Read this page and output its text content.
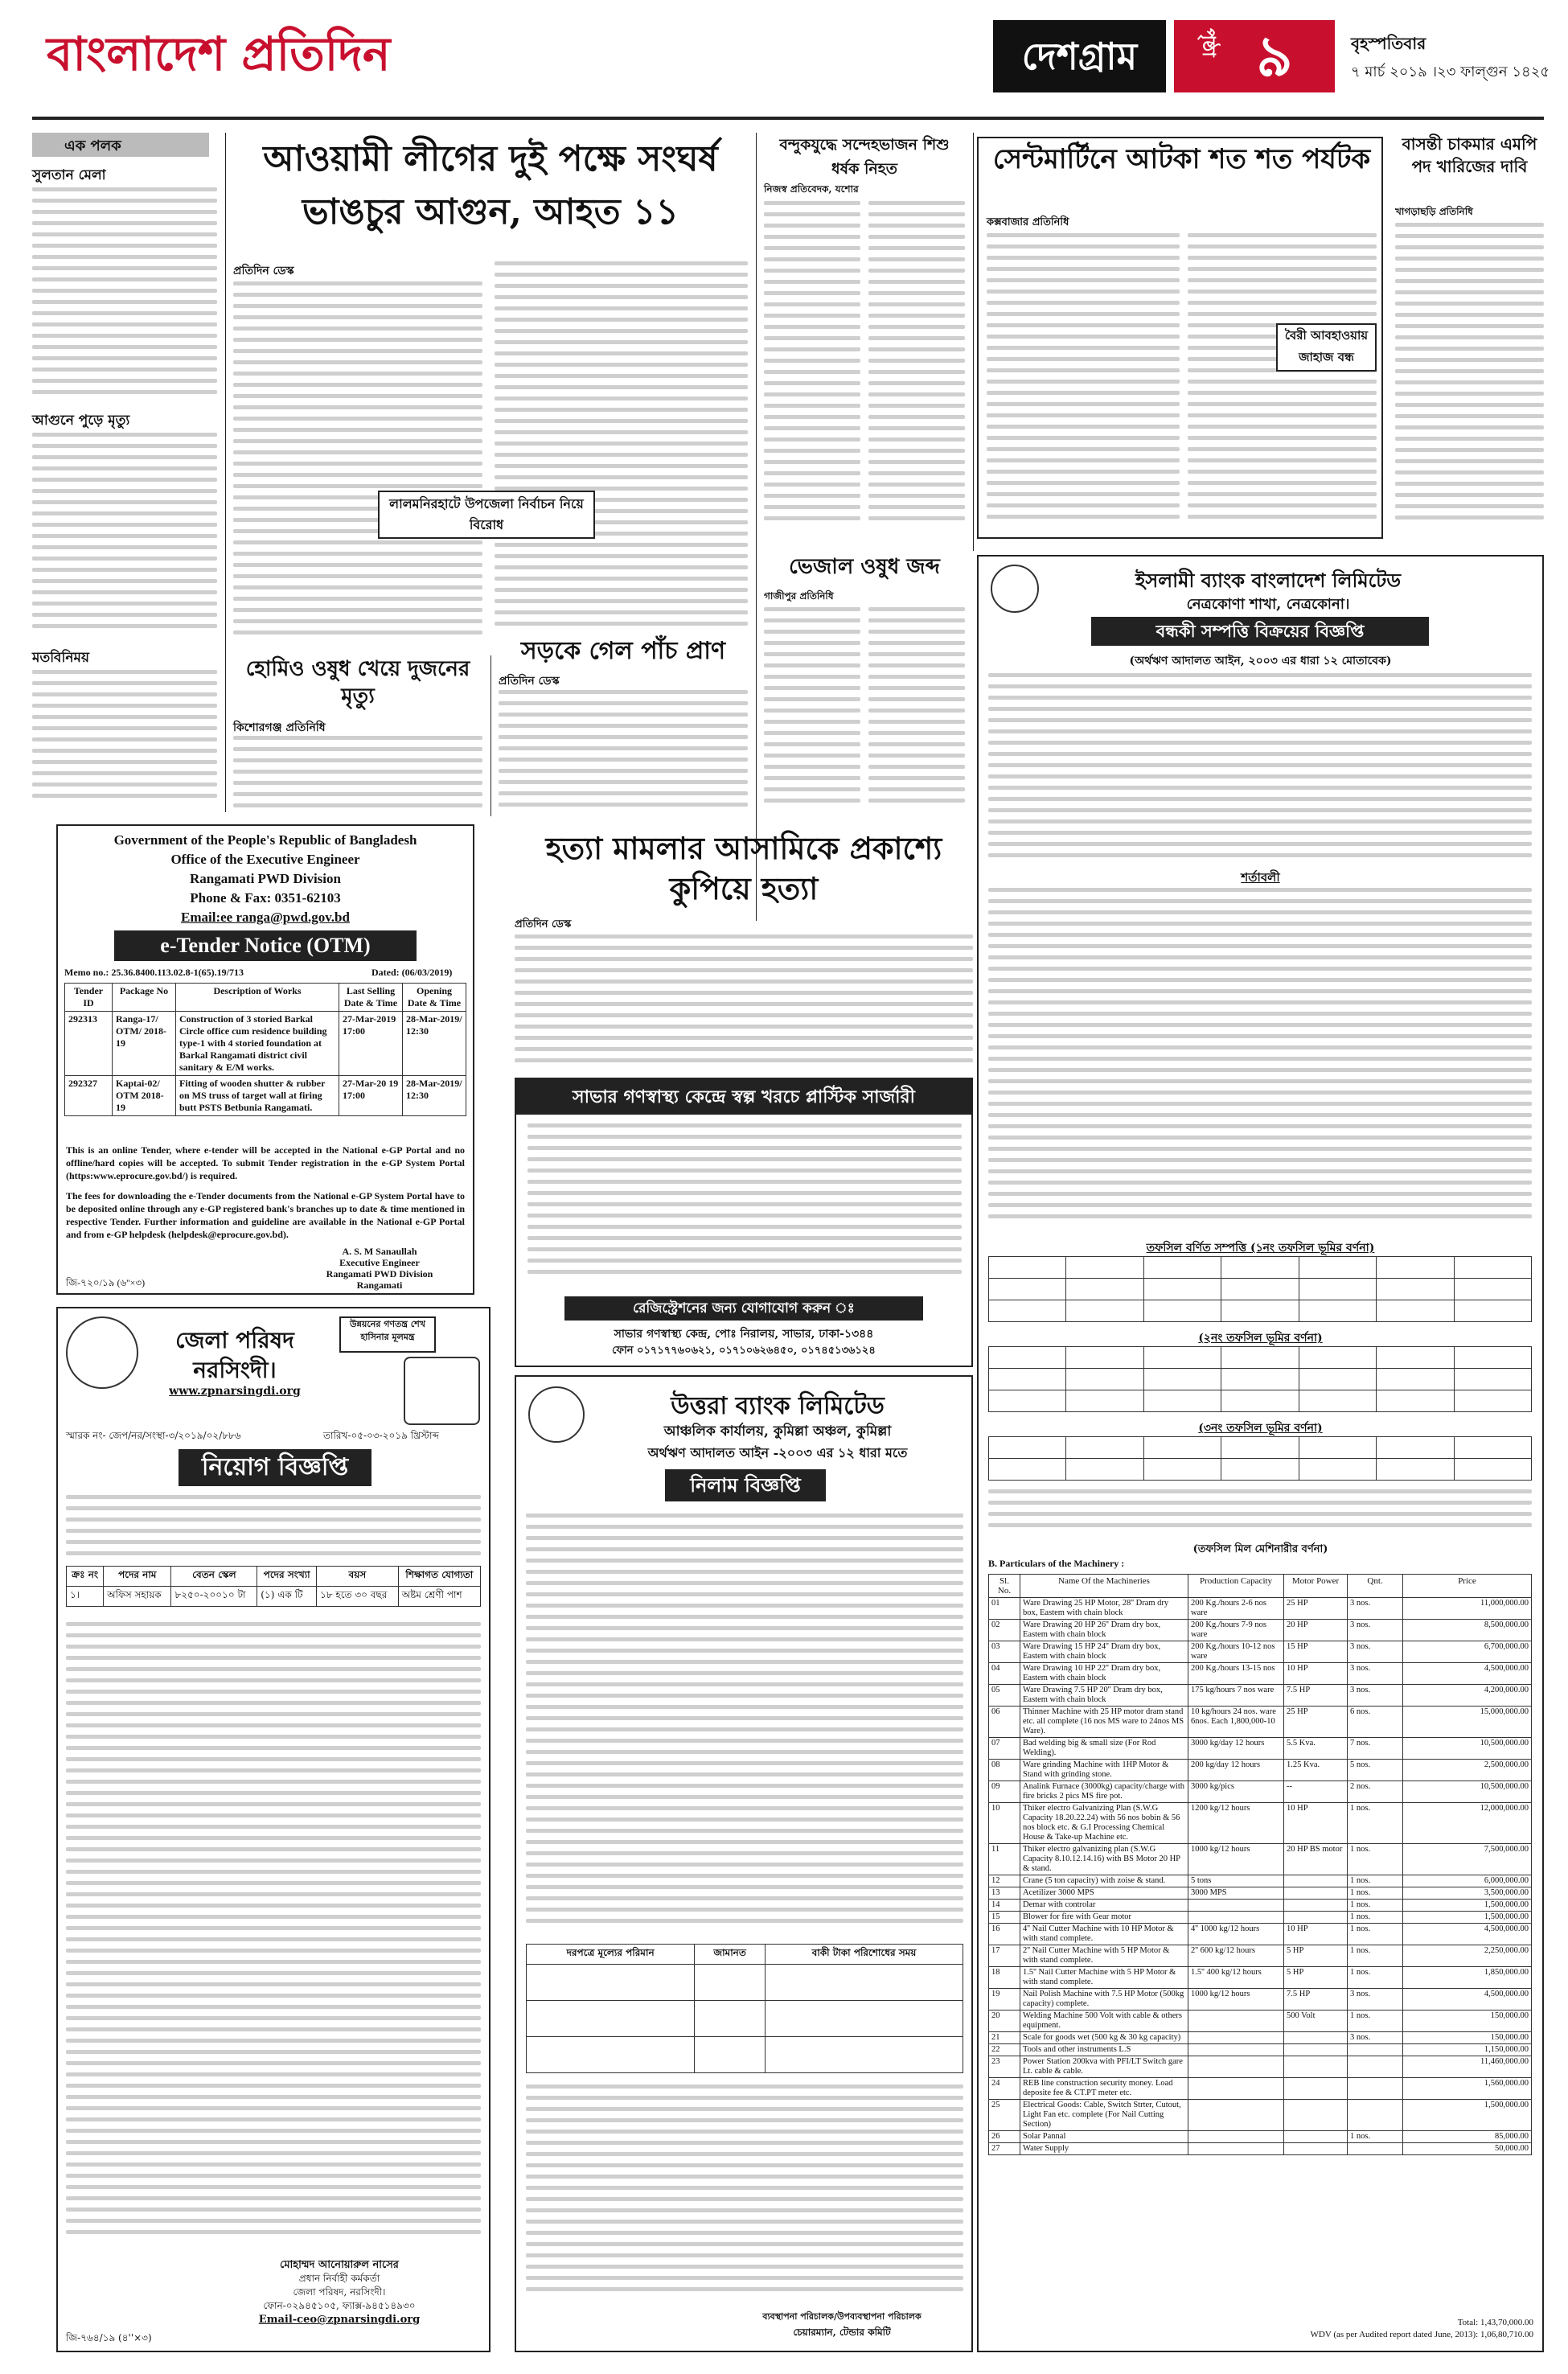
বাংলাদেশ প্রতিদিন	দেশগ্রাম	পৃষ্ঠা ৯	বৃহস্পতিবার
৭ মার্চ ২০১৯ ।২৩ ফাল্গুন ১৪২৫
এক পলক
সুলতান মেলা
আগুনে পুড়ে মৃত্যু
মতবিনিময়
আওয়ামী লীগের দুই পক্ষে সংঘর্ষ ভাঙচুর আগুন, আহত ১১
প্রতিদিন ডেস্ক
লালমনিরহাটে উপজেলা নির্বাচন নিয়ে বিরোধ
হোমিও ওষুধ খেয়ে দুজনের মৃত্যু
কিশোরগঞ্জ প্রতিনিধি
সড়কে গেল পাঁচ প্রাণ
প্রতিদিন ডেস্ক
বন্দুকযুদ্ধে সন্দেহভাজন শিশু ধর্ষক নিহত
নিজস্ব প্রতিবেদক, যশোর
ভেজাল ওষুধ জব্দ
গাজীপুর প্রতিনিধি
সেন্টমার্টিনে আটকা শত শত পর্যটক
কক্সবাজার প্রতিনিধি
বৈরী আবহাওয়ায় জাহাজ বন্ধ
বাসন্তী চাকমার এমপি পদ খারিজের দাবি
খাগড়াছড়ি প্রতিনিধি
Government of the People's Republic of Bangladesh
Office of the Executive Engineer
Rangamati PWD Division
Phone & Fax: 0351-62103
Email:ee ranga@pwd.gov.bd
e-Tender Notice (OTM)
Memo no.: 25.36.8400.113.02.8-1(65).19/713	Dated: (06/03/2019)
Tender ID	Package No	Description of Works	Last Selling Date & Time	Opening Date & Time
292313	Ranga-17/ OTM/ 2018-19	Construction of 3 storied Barkal Circle office cum residence building type-1 with 4 storied foundation at Barkal Rangamati district civil sanitary & E/M works.	27-Mar-2019 17:00	28-Mar-2019/ 12:30
292327	Kaptai-02/ OTM 2018-19	Fitting of wooden shutter & rubber on MS truss of target wall at firing butt PSTS Betbunia Rangamati.	27-Mar-20 19 17:00	28-Mar-2019/ 12:30
This is an online Tender, where e-tender will be accepted in the National e-GP Portal and no offline/hard copies will be accepted. To submit Tender registration in the e-GP System Portal (https:www.eprocure.gov.bd/) is required.
The fees for downloading the e-Tender documents from the National e-GP System Portal have to be deposited online through any e-GP registered bank's branches up to date & time mentioned in respective Tender. Further information and guideline are available in the National e-GP Portal and from e-GP helpdesk (helpdesk@eprocure.gov.bd).
A. S. M Sanaullah
Executive Engineer
Rangamati PWD Division
Rangamati
জি-৭২০/১৯ (৬''×৩)
হত্যা মামলার আসামিকে প্রকাশ্যে কুপিয়ে হত্যা
প্রতিদিন ডেস্ক
সাভার গণস্বাস্থ্য কেন্দ্রে স্বল্প খরচে প্লাস্টিক সার্জারী
রেজিস্ট্রেশনের জন্য যোগাযোগ করুন ঃ
সাভার গণস্বাস্থ্য কেন্দ্র, পোঃ নিরালয়, সাভার, ঢাকা-১৩৪৪
ফোন ০১৭১৭৭৬০৬২১, ০১৭১০৬২৬৪৫০, ০১৭৪৫১৩৬১২৪
জেলা পরিষদ
নরসিংদী।
www.zpnarsingdi.org
উন্নয়নের গণতন্ত্র শেখ হাসিনার মূলমন্ত্র
স্মারক নং- জেপ/নর/সংস্থা-৩/২০১৯/০২/৮৮৬	তারিখ-০৫-০৩-২০১৯ খ্রিস্টাব্দ
নিয়োগ বিজ্ঞপ্তি
ক্রঃ নং	পদের নাম	বেতন স্কেল	পদের সংখ্যা	বয়স	শিক্ষাগত যোগ্যতা
১।	অফিস সহায়ক	৮২৫০-২০০১০ টা	(১) এক টি	১৮ হতে ৩০ বছর	অষ্টম শ্রেণী পাশ
মোহাম্মদ আনোয়ারুল নাসের
প্রধান নির্বাহী কর্মকর্তা
জেলা পরিষদ, নরসিংদী।
ফোন-০২৯৪৫১০৫, ফ্যাক্স-৯৪৫১৪৯৩০
Email-ceo@zpnarsingdi.org
জি-৭৬৪/১৯ (৪''×৩)
উত্তরা ব্যাংক লিমিটেড
আঞ্চলিক কার্যালয়, কুমিল্লা অঞ্চল, কুমিল্লা
অর্থঋণ আদালত আইন -২০০৩ এর ১২ ধারা মতে
নিলাম বিজ্ঞপ্তি
দরপত্রে মূল্যের পরিমান	জামানত	বাকী টাকা পরিশোধের সময়

ব্যবস্থাপনা পরিচালক/উপব্যবস্থাপনা পরিচালক
চেয়ারম্যান, টেন্ডার কমিটি
ইসলামী ব্যাংক বাংলাদেশ লিমিটেড
নেত্রকোণা শাখা, নেত্রকোনা।
বন্ধকী সম্পত্তি বিক্রয়ের বিজ্ঞপ্তি
(অর্থঋণ আদালত আইন, ২০০৩ এর ধারা ১২ মোতাবেক)
শর্তাবলী
তফসিল বর্ণিত সম্পত্তি (১নং তফসিল ভূমির বর্ণনা)

(২নং তফসিল ভূমির বর্ণনা)

(৩নং তফসিল ভূমির বর্ণনা)

(তফসিল মিল মেশিনারীর বর্ণনা)
B. Particulars of the Machinery :
Sl. No.	Name Of the Machineries	Production Capacity	Motor Power	Qnt.	Price
01	Ware Drawing 25 HP Motor, 28'' Dram dry box, Eastem with chain block	200 Kg./hours 2-6 nos ware	25 HP	3 nos.	11,000,000.00
02	Ware Drawing 20 HP 26'' Dram dry box, Eastem with chain block	200 Kg./hours 7-9 nos ware	20 HP	3 nos.	8,500,000.00
03	Ware Drawing 15 HP 24'' Dram dry box, Eastem with chain block	200 Kg./hours 10-12 nos ware	15 HP	3 nos.	6,700,000.00
04	Ware Drawing 10 HP 22'' Dram dry box, Eastem with chain block	200 Kg./hours 13-15 nos	10 HP	3 nos.	4,500,000.00
05	Ware Drawing 7.5 HP 20'' Dram dry box, Eastem with chain block	175 kg/hours 7 nos ware	7.5 HP	3 nos.	4,200,000.00
06	Thinner Machine with 25 HP motor dram stand etc. all complete (16 nos MS ware to 24nos MS Ware).	10 kg/hours 24 nos. ware 6nos. Each 1,800,000-10	25 HP	6 nos.	15,000,000.00
07	Bad welding big & small size (For Rod Welding).	3000 kg/day 12 hours	5.5 Kva.	7 nos.	10,500,000.00
08	Ware grinding Machine with 1HP Motor & Stand with grinding stone.	200 kg/day 12 hours	1.25 Kva.	5 nos.	2,500,000.00
09	Analink Furnace (3000kg) capacity/charge with fire bricks 2 pics MS fire pot.	3000 kg/pics	--	2 nos.	10,500,000.00
10	Thiker electro Galvanizing Plan (S.W.G Capacity 18.20.22.24) with 56 nos bobin & 56 nos block etc. & G.I Processing Chemical House & Take-up Machine etc.	1200 kg/12 hours	10 HP	1 nos.	12,000,000.00
11	Thiker electro galvanizing plan (S.W.G Capacity 8.10.12.14.16) with BS Motor 20 HP & stand.	1000 kg/12 hours	20 HP BS motor	1 nos.	7,500,000.00
12	Crane (5 ton capacity) with zoise & stand.	5 tons		1 nos.	6,000,000.00
13	Acetilizer 3000 MPS	3000 MPS		1 nos.	3,500,000.00
14	Demar with controlar			1 nos.	1,500,000.00
15	Blower for fire with Gear motor			1 nos.	1,500,000.00
16	4'' Nail Cutter Machine with 10 HP Motor & with stand complete.	4'' 1000 kg/12 hours	10 HP	1 nos.	4,500,000.00
17	2'' Nail Cutter Machine with 5 HP Motor & with stand complete.	2'' 600 kg/12 hours	5 HP	1 nos.	2,250,000.00
18	1.5'' Nail Cutter Machine with 5 HP Motor & with stand complete.	1.5'' 400 kg/12 hours	5 HP	1 nos.	1,850,000.00
19	Nail Polish Machine with 7.5 HP Motor (500kg capacity) complete.	1000 kg/12 hours	7.5 HP	3 nos.	4,500,000.00
20	Welding Machine 500 Volt with cable & others equipment.		500 Volt	1 nos.	150,000.00
21	Scale for goods wet (500 kg & 30 kg capacity)			3 nos.	150,000.00
22	Tools and other instruments L.S				1,150,000.00
23	Power Station 200kva with PFI/LT Switch gare Lt. cable & cable.				11,460,000.00
24	REB line construction security money. Load deposite fee & CT.PT meter etc.				1,560,000.00
25	Electrical Goods: Cable, Switch Strter, Cutout, Light Fan etc. complete (For Nail Cutting Section)				1,500,000.00
26	Solar Pannal			1 nos.	85,000.00
27	Water Supply				50,000.00
Total: 1,43,70,000.00
WDV (as per Audited report dated June, 2013): 1,06,80,710.00
